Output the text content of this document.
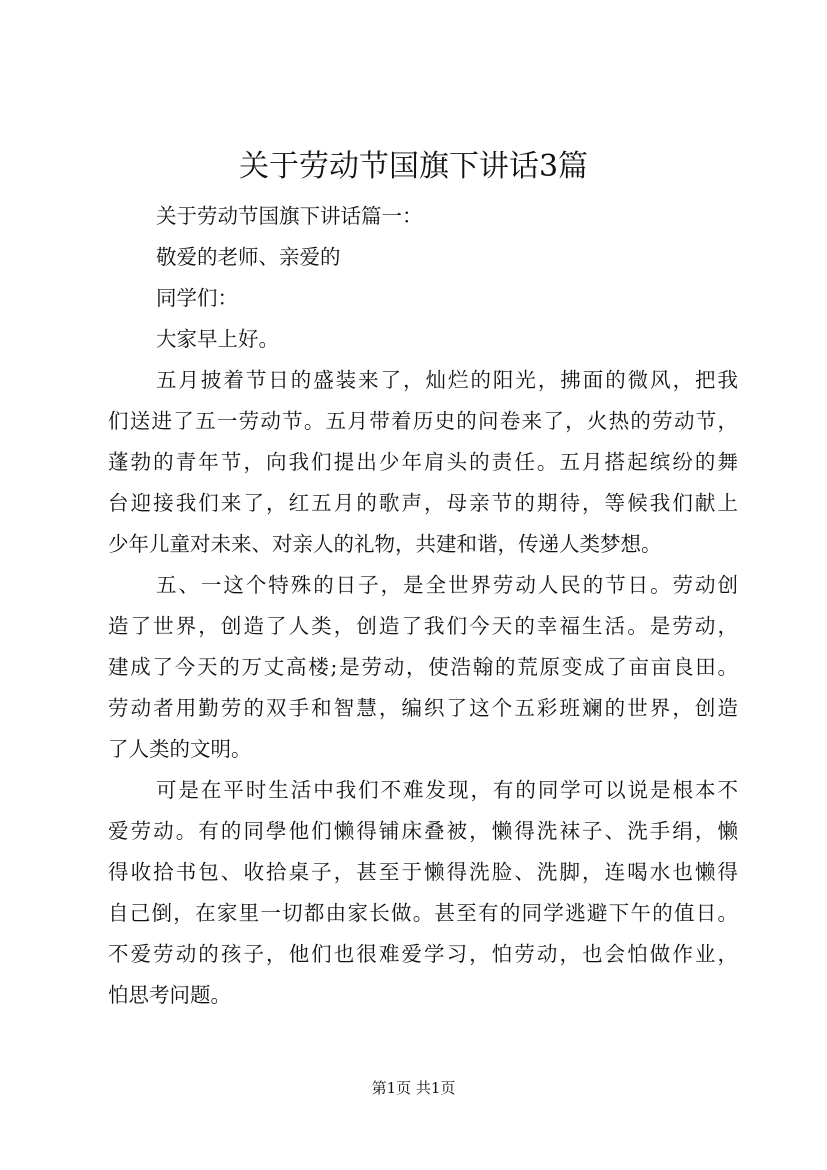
关于劳动节国旗下讲话3篇
关于劳动节国旗下讲话篇一：
敬爱的老师、亲爱的
同学们：
大家早上好。
五月披着节日的盛装来了，灿烂的阳光，拂面的微风，把我
们送进了五一劳动节。五月带着历史的问卷来了，火热的劳动节，
蓬勃的青年节，向我们提出少年肩头的责任。五月搭起缤纷的舞
台迎接我们来了，红五月的歌声，母亲节的期待，等候我们献上
少年儿童对未来、对亲人的礼物，共建和谐，传递人类梦想。
五、一这个特殊的日子，是全世界劳动人民的节日。劳动创
造了世界，创造了人类，创造了我们今天的幸福生活。是劳动，
建成了今天的万丈高楼;是劳动，使浩翰的荒原变成了亩亩良田。
劳动者用勤劳的双手和智慧，编织了这个五彩班斓的世界，创造
了人类的文明。
可是在平时生活中我们不难发现，有的同学可以说是根本不
爱劳动。有的同學他们懒得铺床叠被，懒得洗袜子、洗手绢，懒
得收拾书包、收拾桌子，甚至于懒得洗脸、洗脚，连喝水也懒得
自己倒，在家里一切都由家长做。甚至有的同学逃避下午的值日。
不爱劳动的孩子，他们也很难爱学习，怕劳动，也会怕做作业，
怕思考问题。
第1页 共1页
